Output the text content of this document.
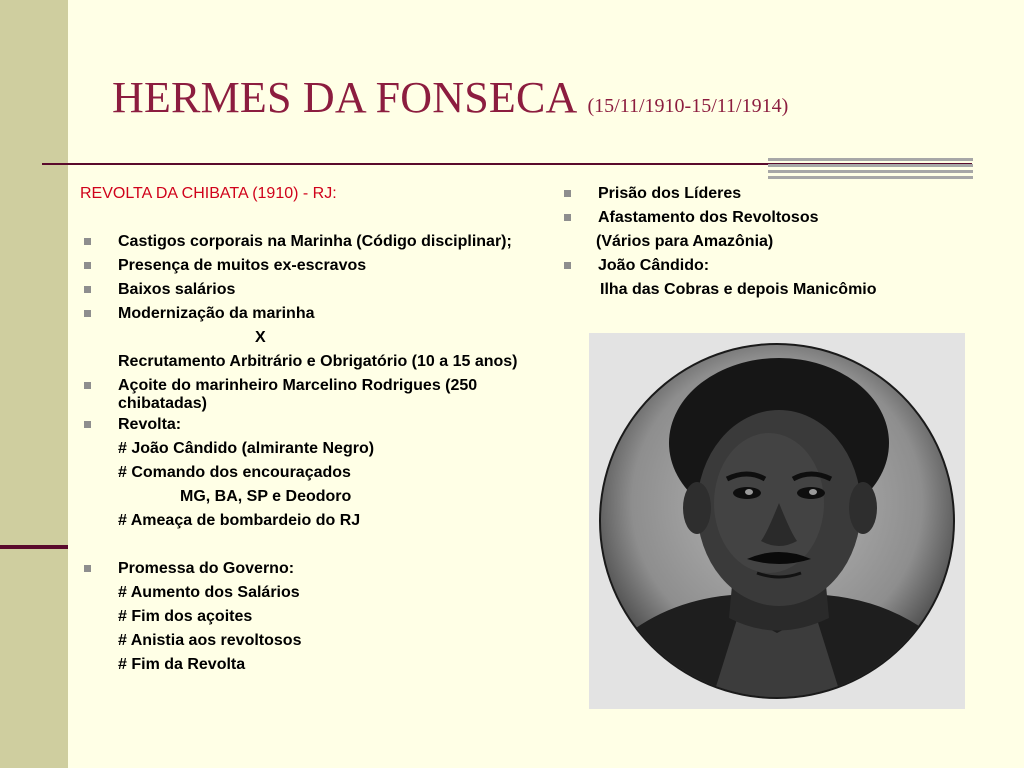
HERMES DA FONSECA (15/11/1910-15/11/1914)
REVOLTA DA CHIBATA (1910) - RJ:
Castigos corporais na Marinha (Código disciplinar);
Presença de muitos ex-escravos
Baixos salários
Modernização da marinha
X
Recrutamento Arbitrário e Obrigatório (10 a 15 anos)
Açoite do marinheiro Marcelino Rodrigues (250 chibatadas)
Revolta:
# João Cândido (almirante Negro)
# Comando dos encouraçados
MG, BA, SP e Deodoro
# Ameaça de bombardeio do RJ
Promessa do Governo:
# Aumento dos Salários
# Fim dos açoites
# Anistia aos revoltosos
# Fim da Revolta
Prisão dos Líderes
Afastamento dos Revoltosos
(Vários para Amazônia)
João Cândido:
Ilha das Cobras e depois Manicômio
